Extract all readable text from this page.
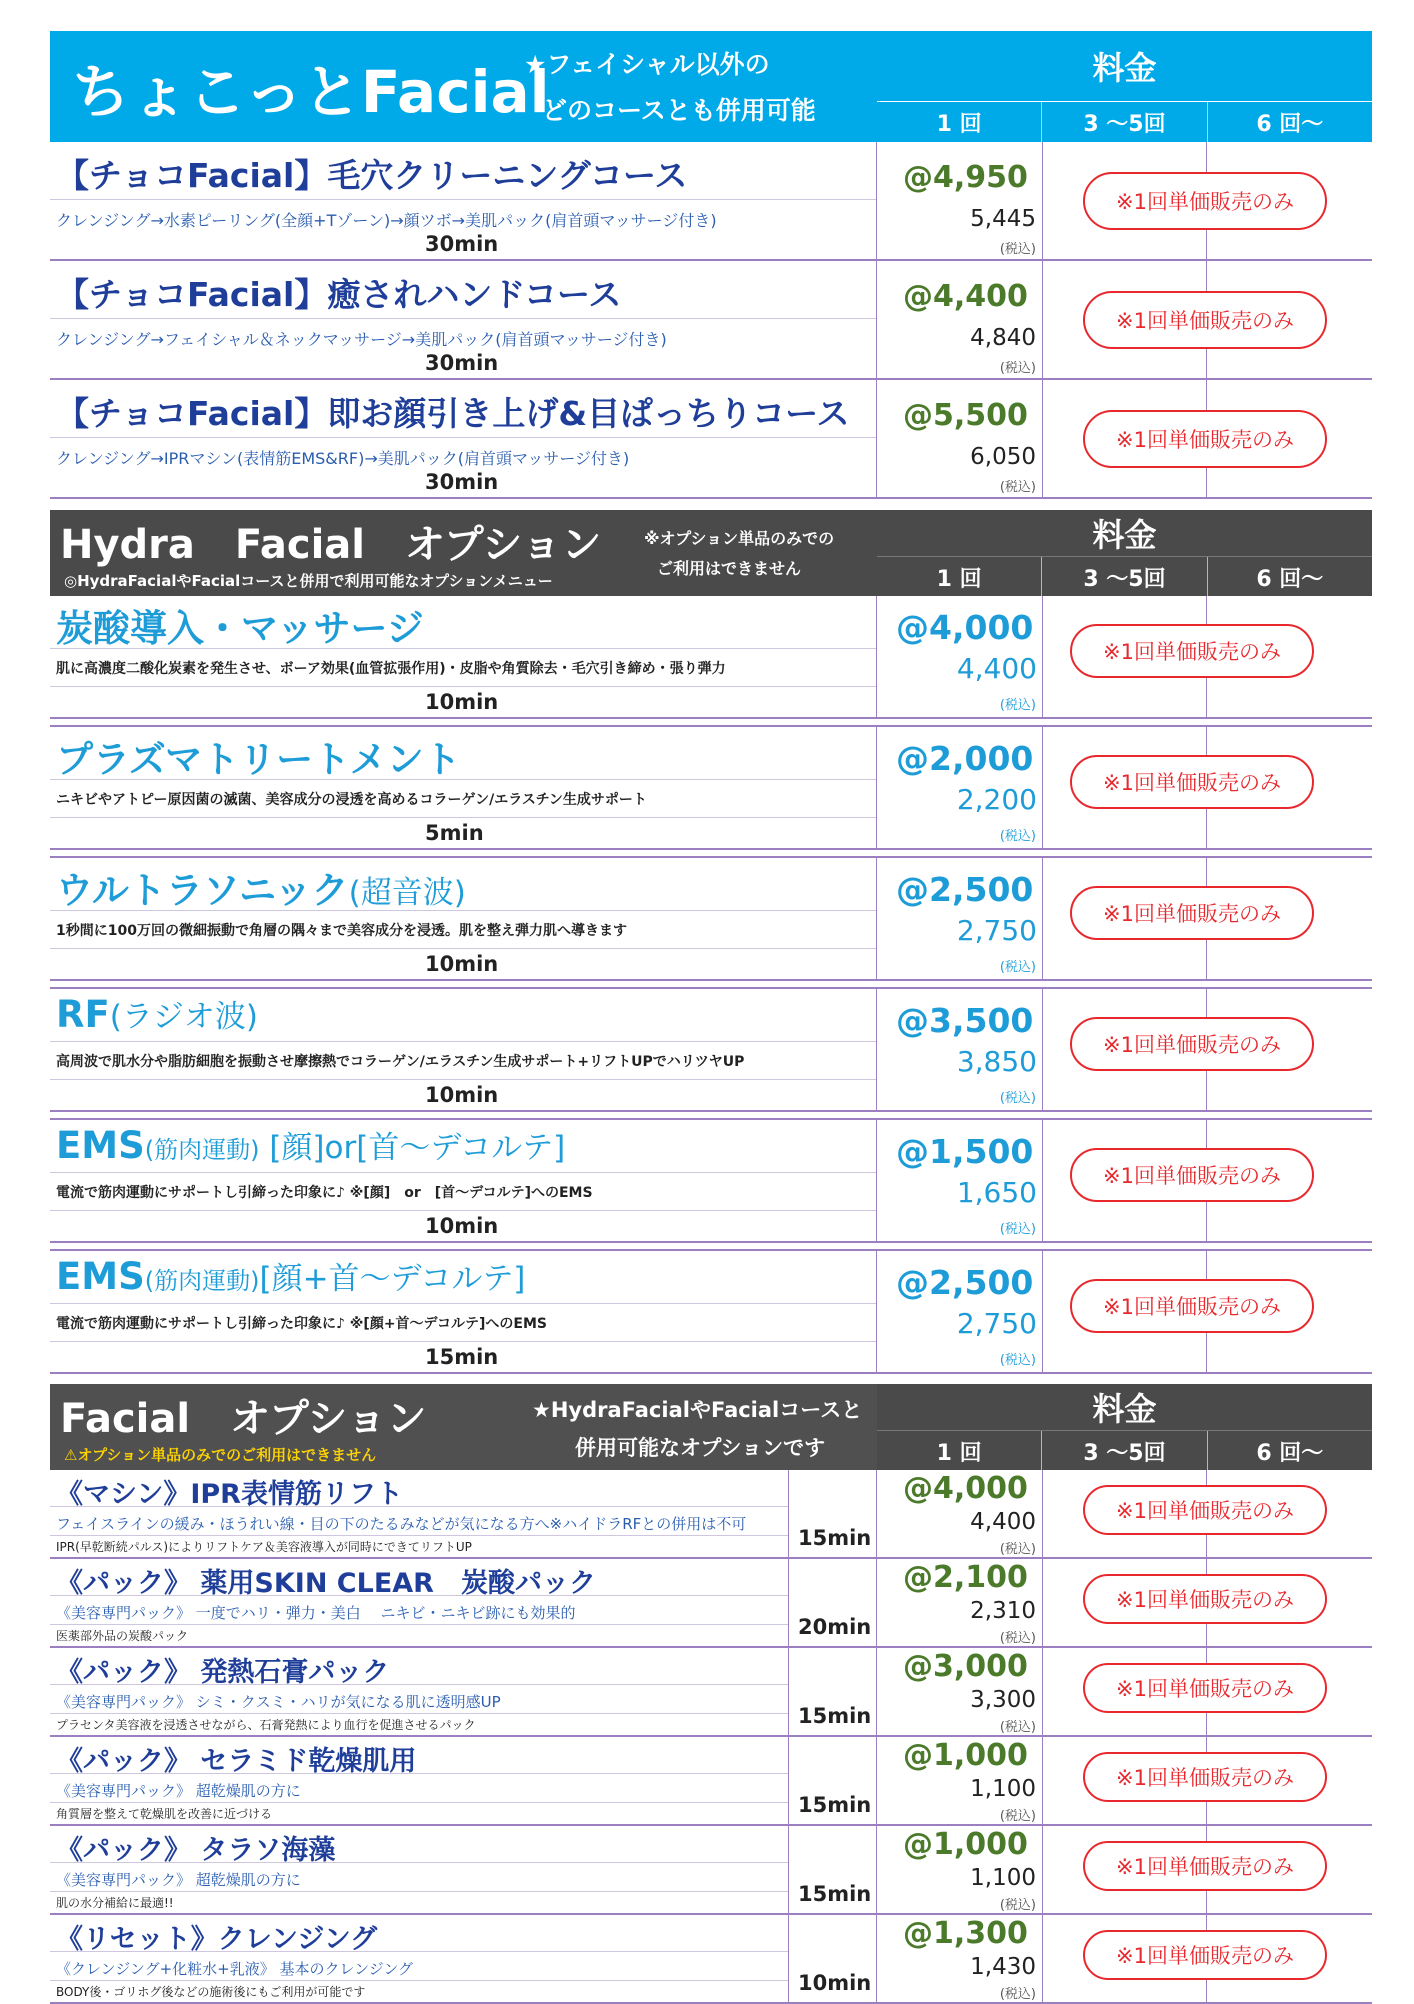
ちょこっとFacial
★フェイシャル以外の
どのコースとも併用可能
料金
1 回	3 ～5回	6 回～
【チョコFacial】毛穴クリーニングコース
クレンジング→水素ピーリング(全顔+Tゾーン)→顔ツボ→美肌パック(肩首頭マッサージ付き)
30min
@4,950
5,445
(税込)
※1回単価販売のみ
【チョコFacial】癒されハンドコース
クレンジング→フェイシャル＆ネックマッサージ→美肌パック(肩首頭マッサージ付き)
30min
@4,400
4,840
(税込)
※1回単価販売のみ
【チョコFacial】即お顔引き上げ&目ぱっちりコース
クレンジング→IPRマシン(表情筋EMS&RF)→美肌パック(肩首頭マッサージ付き)
30min
@5,500
6,050
(税込)
※1回単価販売のみ
Hydra　Facial　オプション
◎HydraFacialやFacialコースと併用で利用可能なオプションメニュー
※オプション単品のみでの
ご利用はできません
料金
1 回	3 ～5回	6 回～
炭酸導入・マッサージ
肌に高濃度二酸化炭素を発生させ、ボーア効果(血管拡張作用)・皮脂や角質除去・毛穴引き締め・張り弾力
10min
@4,000
4,400
(税込)
※1回単価販売のみ
プラズマトリートメント
ニキビやアトピー原因菌の滅菌、美容成分の浸透を高めるコラーゲン/エラスチン生成サポート
5min
@2,000
2,200
(税込)
※1回単価販売のみ
ウルトラソニック(超音波)
1秒間に100万回の微細振動で角層の隅々まで美容成分を浸透。肌を整え弾力肌へ導きます
10min
@2,500
2,750
(税込)
※1回単価販売のみ
RF(ラジオ波)
高周波で肌水分や脂肪細胞を振動させ摩擦熱でコラーゲン/エラスチン生成サポート+リフトUPでハリツヤUP
10min
@3,500
3,850
(税込)
※1回単価販売のみ
EMS(筋肉運動) [顔]or[首～デコルテ]
電流で筋肉運動にサポートし引締った印象に♪ ※[顔]　or　[首～デコルテ]へのEMS
10min
@1,500
1,650
(税込)
※1回単価販売のみ
EMS(筋肉運動)[顔+首～デコルテ]
電流で筋肉運動にサポートし引締った印象に♪ ※[顔+首～デコルテ]へのEMS
15min
@2,500
2,750
(税込)
※1回単価販売のみ
Facial　オプション
⚠オプション単品のみでのご利用はできません
★HydraFacialやFacialコースと
併用可能なオプションです
料金
1 回	3 ～5回	6 回～
《マシン》IPR表情筋リフト
フェイスラインの緩み・ほうれい線・目の下のたるみなどが気になる方へ※ハイドラRFとの併用は不可
IPR(早乾断続パルス)によりリフトケア＆美容液導入が同時にできてリフトUP	15min
@4,000
4,400
(税込)
※1回単価販売のみ
《パック》 薬用SKIN CLEAR　炭酸パック
《美容専門パック》 一度でハリ・弾力・美白　 ニキビ・ニキビ跡にも効果的
医薬部外品の炭酸パック	20min
@2,100
2,310
(税込)
※1回単価販売のみ
《パック》 発熱石膏パック
《美容専門パック》 シミ・クスミ・ハリが気になる肌に透明感UP
プラセンタ美容液を浸透させながら、石膏発熱により血行を促進させるパック	15min
@3,000
3,300
(税込)
※1回単価販売のみ
《パック》 セラミド乾燥肌用
《美容専門パック》 超乾燥肌の方に
角質層を整えて乾燥肌を改善に近づける	15min
@1,000
1,100
(税込)
※1回単価販売のみ
《パック》 タラソ海藻
《美容専門パック》 超乾燥肌の方に
肌の水分補給に最適!!	15min
@1,000
1,100
(税込)
※1回単価販売のみ
《リセット》クレンジング
《クレンジング+化粧水+乳液》 基本のクレンジング
BODY後・ゴリホグ後などの施術後にもご利用が可能です	10min
@1,300
1,430
(税込)
※1回単価販売のみ
